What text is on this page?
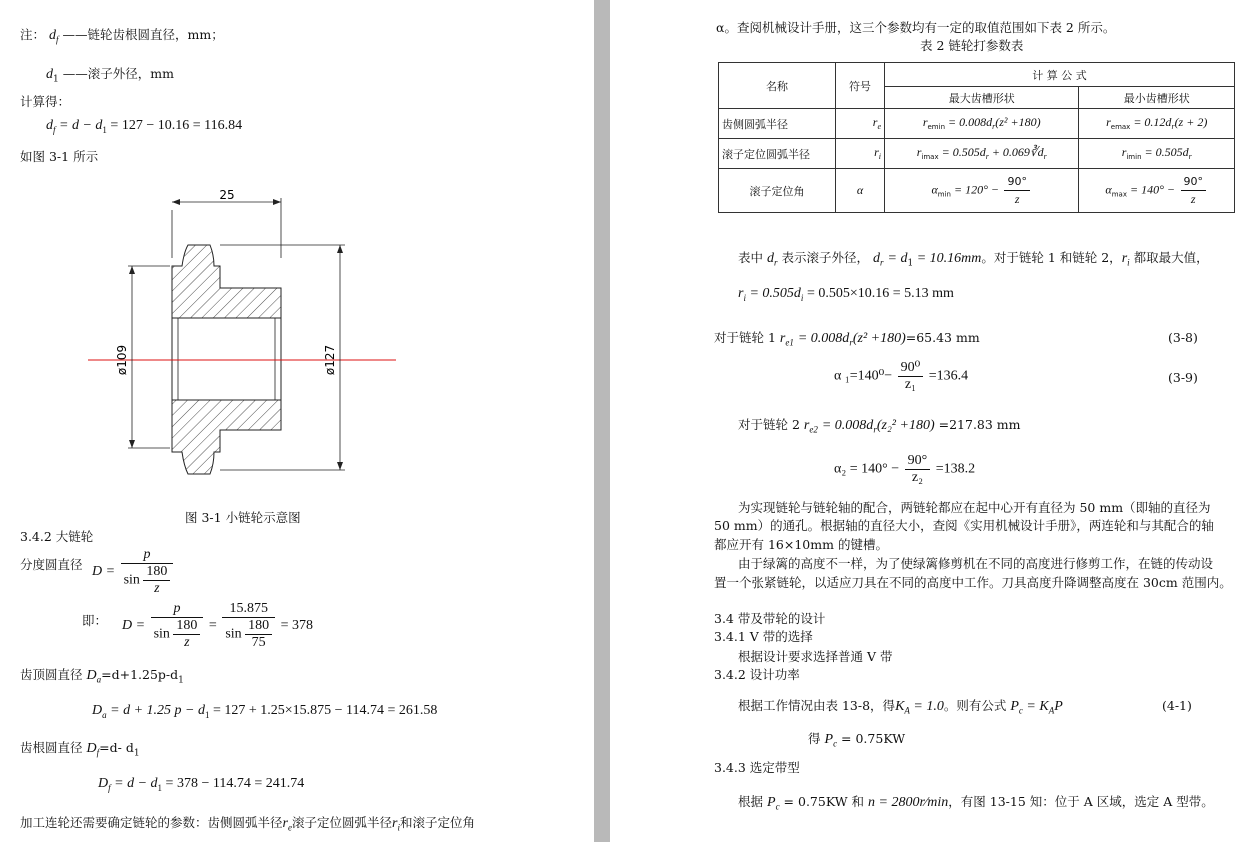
注： $d_f$ ——链轮齿根圆直径，mm；
$d_1$ ——滚子外径，mm
计算得：
$d_f = d - d_1 = 127 - 10.16 = 116.84$
如图 3-1 所示
25
ø109	ø127
图 3-1 小链轮示意图
3.4.2 大链轮
分度圆直径 $D = \frac{p}{\sin \frac{180}{z}}$
即： $D = \frac{p}{\sin \frac{180}{z}} = \frac{15.875}{\sin \frac{180}{75}} = 378$
齿顶圆直径 $D_a=d+1.25p-d_1$
$D_a = d + 1.25$ $p - d_1 = 127 + 1.25\times 15.875 - 114.74 = 261.58$
齿根圆直径 $D_f=d-$ $d_1$
$D_f = d - d_1 = 378 - 114.74 = 241.74$
加工连轮还需要确定链轮的参数：齿侧圆弧半径$r_e$滚子定位圆弧半径$r_i$和滚子定位角
α。查阅机械设计手册，这三个参数均有一定的取值范围如下表 2 所示。
表 2 链轮打参数表
名称	符号	计 算 公 式	
		最大齿槽形状	最小齿槽形状
齿侧圆弧半径	$r_e$	$r_{emin} = 0.008d_r(z^2 +180)$	$r_{emax} = 0.12d_r(z + 2)$
滚子定位圆弧半径	$r_i$	$r_{imax} = 0.505d_r$ + $0.069∛d_r$	$r_{imin} = 0.505d_r$
滚子定位角	α	$\alpha_{min} = 120^\circ - \frac{90^\circ}{z}$	$\alpha_{max} = 140^\circ - \frac{90^\circ}{z}$
表中 $d_r$ 表示滚子外径， $d_r = d_1 = 10.16mm$。对于链轮 1 和链轮 2，$r_i$ 都取最大值，
$r_i = 0.505d_i = 0.505\times 10.16 = 5.13$ mm
对于链轮 1 $r_{e1} = 0.008d_r(z^2 +180)=65.43$ mm	(3-8)
α $_1=140^0- \frac{\text{90⁰}}{\text{z₁}} =136.4$	(3-9)
对于链轮 2 $r_{e2} = 0.008d_r(z_2^2 +180) =217.83$ mm
$\alpha_2 = 140^\circ - \frac{90^\circ}{\text{z₂}} =138.2$
为实现链轮与链轮轴的配合，两链轮都应在起中心开有直径为 50 mm（即轴的直径为
50 mm）的通孔。根据轴的直径大小，查阅《实用机械设计手册》，两连轮和与其配合的轴
都应开有 16×10mm 的键槽。
由于绿篱的高度不一样，为了使绿篱修剪机在不同的高度进行修剪工作，在链的传动设
置一个张紧链轮，以适应刀具在不同的高度中工作。刀具高度升降调整高度在 30cm 范围内。
3.4 带及带轮的设计
3.4.1 V 带的选择
根据设计要求选择普通 V 带
3.4.2 设计功率
根据工作情况由表 13-8，得$K_A = 1.0$。则有公式 $P_c = K_AP$	(4-1)
得 $P_c = 0.75KW$
3.4.3 选定带型
根据 $P_c = 0.75KW$ 和 n = 2800r⁄min，有图 13-15 知：位于 A 区域，选定 A 型带。
